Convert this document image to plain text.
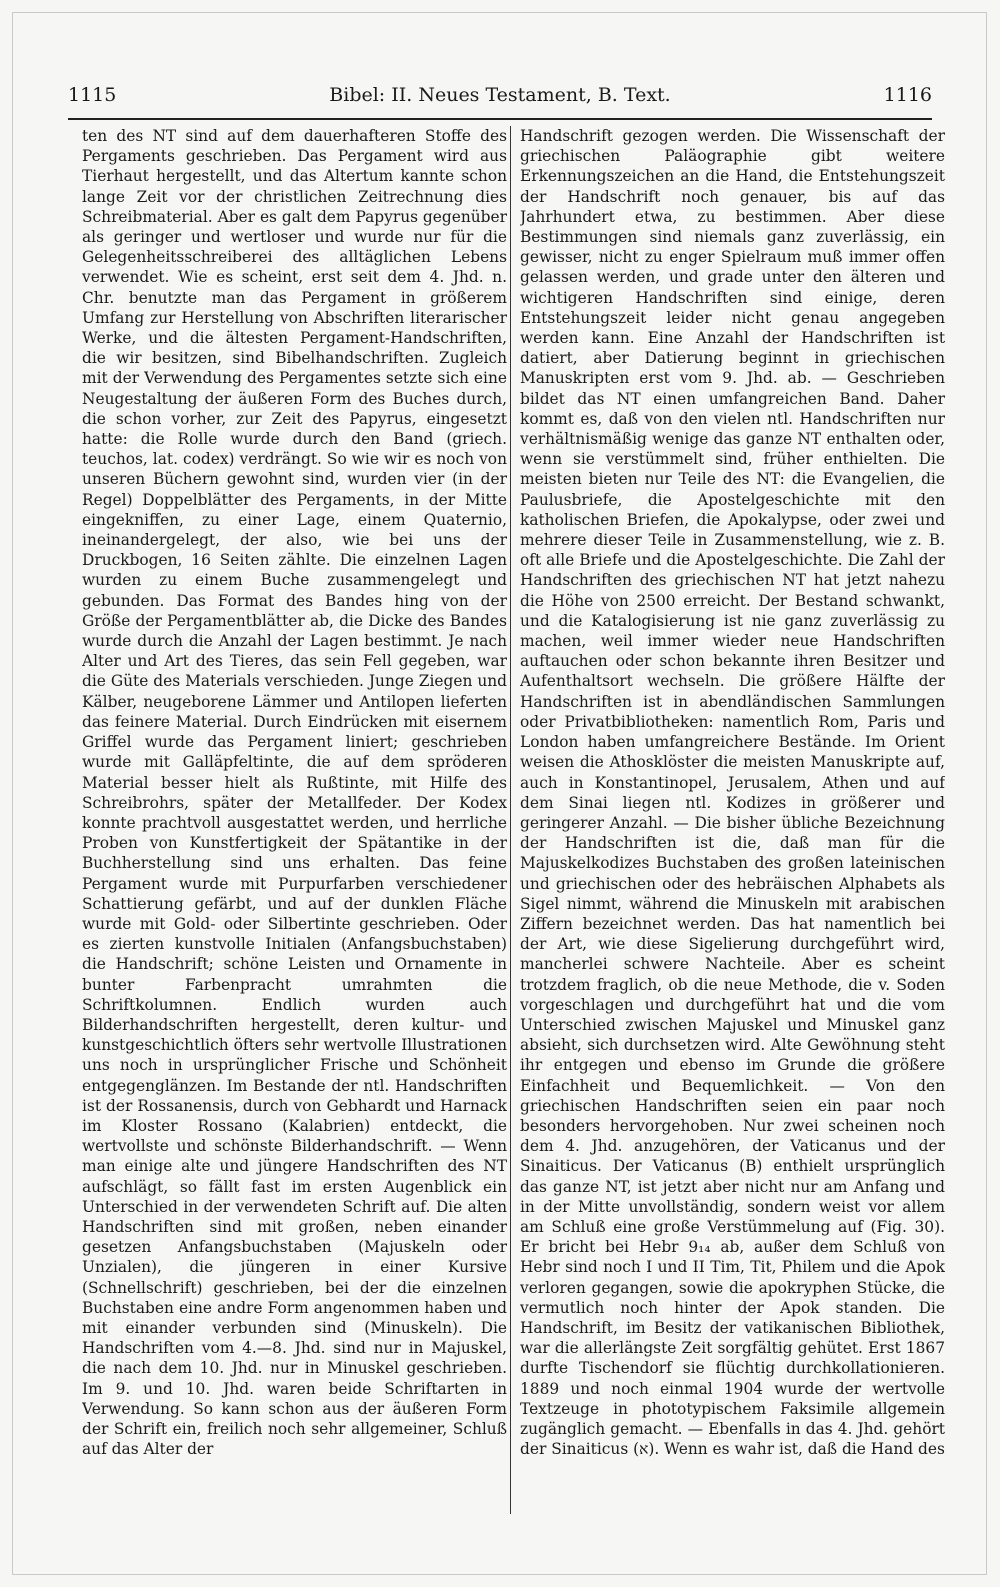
1115	Bibel: II. Neues Testament, B. Text.	1116

ten des NT sind auf dem dauerhafteren Stoffe des Pergaments geschrieben. Das Pergament wird aus Tierhaut hergestellt, und das Altertum kannte schon lange Zeit vor der christlichen Zeitrechnung dies Schreibmaterial. Aber es galt dem Papyrus gegenüber als geringer und wertloser und wurde nur für die Gelegenheitsschreiberei des alltäglichen Lebens verwendet. Wie es scheint, erst seit dem 4. Jhd. n. Chr. benutzte man das Pergament in größerem Umfang zur Herstellung von Abschriften literarischer Werke, und die ältesten Pergament-Handschriften, die wir besitzen, sind Bibelhandschriften. Zugleich mit der Verwendung des Pergamentes setzte sich eine Neugestaltung der äußeren Form des Buches durch, die schon vorher, zur Zeit des Papyrus, eingesetzt hatte: die Rolle wurde durch den Band (griech. teuchos, lat. codex) verdrängt. So wie wir es noch von unseren Büchern gewohnt sind, wurden vier (in der Regel) Doppelblätter des Pergaments, in der Mitte eingekniffen, zu einer Lage, einem Quaternio, ineinandergelegt, der also, wie bei uns der Druckbogen, 16 Seiten zählte. Die einzelnen Lagen wurden zu einem Buche zusammengelegt und gebunden. Das Format des Bandes hing von der Größe der Pergamentblätter ab, die Dicke des Bandes wurde durch die Anzahl der Lagen bestimmt. Je nach Alter und Art des Tieres, das sein Fell gegeben, war die Güte des Materials verschieden. Junge Ziegen und Kälber, neugeborene Lämmer und Antilopen lieferten das feinere Material. Durch Eindrücken mit eisernem Griffel wurde das Pergament liniert; geschrieben wurde mit Galläpfeltinte, die auf dem spröderen Material besser hielt als Rußtinte, mit Hilfe des Schreibrohrs, später der Metallfeder. Der Kodex konnte prachtvoll ausgestattet werden, und herrliche Proben von Kunstfertigkeit der Spätantike in der Buchherstellung sind uns erhalten. Das feine Pergament wurde mit Purpurfarben verschiedener Schattierung gefärbt, und auf der dunklen Fläche wurde mit Gold- oder Silbertinte geschrieben. Oder es zierten kunstvolle Initialen (Anfangsbuchstaben) die Handschrift; schöne Leisten und Ornamente in bunter Farbenpracht umrahmten die Schriftkolumnen. Endlich wurden auch Bilderhandschriften hergestellt, deren kultur- und kunstgeschichtlich öfters sehr wertvolle Illustrationen uns noch in ursprünglicher Frische und Schönheit entgegenglänzen. Im Bestande der ntl. Handschriften ist der Rossanensis, durch von Gebhardt und Harnack im Kloster Rossano (Kalabrien) entdeckt, die wertvollste und schönste Bilderhandschrift. — Wenn man einige alte und jüngere Handschriften des NT aufschlägt, so fällt fast im ersten Augenblick ein Unterschied in der verwendeten Schrift auf. Die alten Handschriften sind mit großen, neben einander gesetzen Anfangsbuchstaben (Majuskeln oder Unzialen), die jüngeren in einer Kursive (Schnellschrift) geschrieben, bei der die einzelnen Buchstaben eine andre Form angenommen haben und mit einander verbunden sind (Minuskeln). Die Handschriften vom 4.—8. Jhd. sind nur in Majuskel, die nach dem 10. Jhd. nur in Minuskel geschrieben. Im 9. und 10. Jhd. waren beide Schriftarten in Verwendung. So kann schon aus der äußeren Form der Schrift ein, freilich noch sehr allgemeiner, Schluß auf das Alter der

Handschrift gezogen werden. Die Wissenschaft der griechischen Paläographie gibt weitere Erkennungszeichen an die Hand, die Entstehungszeit der Handschrift noch genauer, bis auf das Jahrhundert etwa, zu bestimmen. Aber diese Bestimmungen sind niemals ganz zuverlässig, ein gewisser, nicht zu enger Spielraum muß immer offen gelassen werden, und grade unter den älteren und wichtigeren Handschriften sind einige, deren Entstehungszeit leider nicht genau angegeben werden kann. Eine Anzahl der Handschriften ist datiert, aber Datierung beginnt in griechischen Manuskripten erst vom 9. Jhd. ab. — Geschrieben bildet das NT einen umfangreichen Band. Daher kommt es, daß von den vielen ntl. Handschriften nur verhältnismäßig wenige das ganze NT enthalten oder, wenn sie verstümmelt sind, früher enthielten. Die meisten bieten nur Teile des NT: die Evangelien, die Paulusbriefe, die Apostelgeschichte mit den katholischen Briefen, die Apokalypse, oder zwei und mehrere dieser Teile in Zusammenstellung, wie z. B. oft alle Briefe und die Apostelgeschichte. Die Zahl der Handschriften des griechischen NT hat jetzt nahezu die Höhe von 2500 erreicht. Der Bestand schwankt, und die Katalogisierung ist nie ganz zuverlässig zu machen, weil immer wieder neue Handschriften auftauchen oder schon bekannte ihren Besitzer und Aufenthaltsort wechseln. Die größere Hälfte der Handschriften ist in abendländischen Sammlungen oder Privatbibliotheken: namentlich Rom, Paris und London haben umfangreichere Bestände. Im Orient weisen die Athosklöster die meisten Manuskripte auf, auch in Konstantinopel, Jerusalem, Athen und auf dem Sinai liegen ntl. Kodizes in größerer und geringerer Anzahl. — Die bisher übliche Bezeichnung der Handschriften ist die, daß man für die Majuskelkodizes Buchstaben des großen lateinischen und griechischen oder des hebräischen Alphabets als Sigel nimmt, während die Minuskeln mit arabischen Ziffern bezeichnet werden. Das hat namentlich bei der Art, wie diese Sigelierung durchgeführt wird, mancherlei schwere Nachteile. Aber es scheint trotzdem fraglich, ob die neue Methode, die v. Soden vorgeschlagen und durchgeführt hat und die vom Unterschied zwischen Majuskel und Minuskel ganz absieht, sich durchsetzen wird. Alte Gewöhnung steht ihr entgegen und ebenso im Grunde die größere Einfachheit und Bequemlichkeit. — Von den griechischen Handschriften seien ein paar noch besonders hervorgehoben. Nur zwei scheinen noch dem 4. Jhd. anzugehören, der Vaticanus und der Sinaiticus. Der Vaticanus (B) enthielt ursprünglich das ganze NT, ist jetzt aber nicht nur am Anfang und in der Mitte unvollständig, sondern weist vor allem am Schluß eine große Verstümmelung auf (Fig. 30). Er bricht bei Hebr 9₁₄ ab, außer dem Schluß von Hebr sind noch I und II Tim, Tit, Philem und die Apok verloren gegangen, sowie die apokryphen Stücke, die vermutlich noch hinter der Apok standen. Die Handschrift, im Besitz der vatikanischen Bibliothek, war die allerlängste Zeit sorgfältig gehütet. Erst 1867 durfte Tischendorf sie flüchtig durchkollationieren. 1889 und noch einmal 1904 wurde der wertvolle Textzeuge in phototypischem Faksimile allgemein zugänglich gemacht. — Ebenfalls in das 4. Jhd. gehört der Sinaiticus (א). Wenn es wahr ist, daß die Hand des
